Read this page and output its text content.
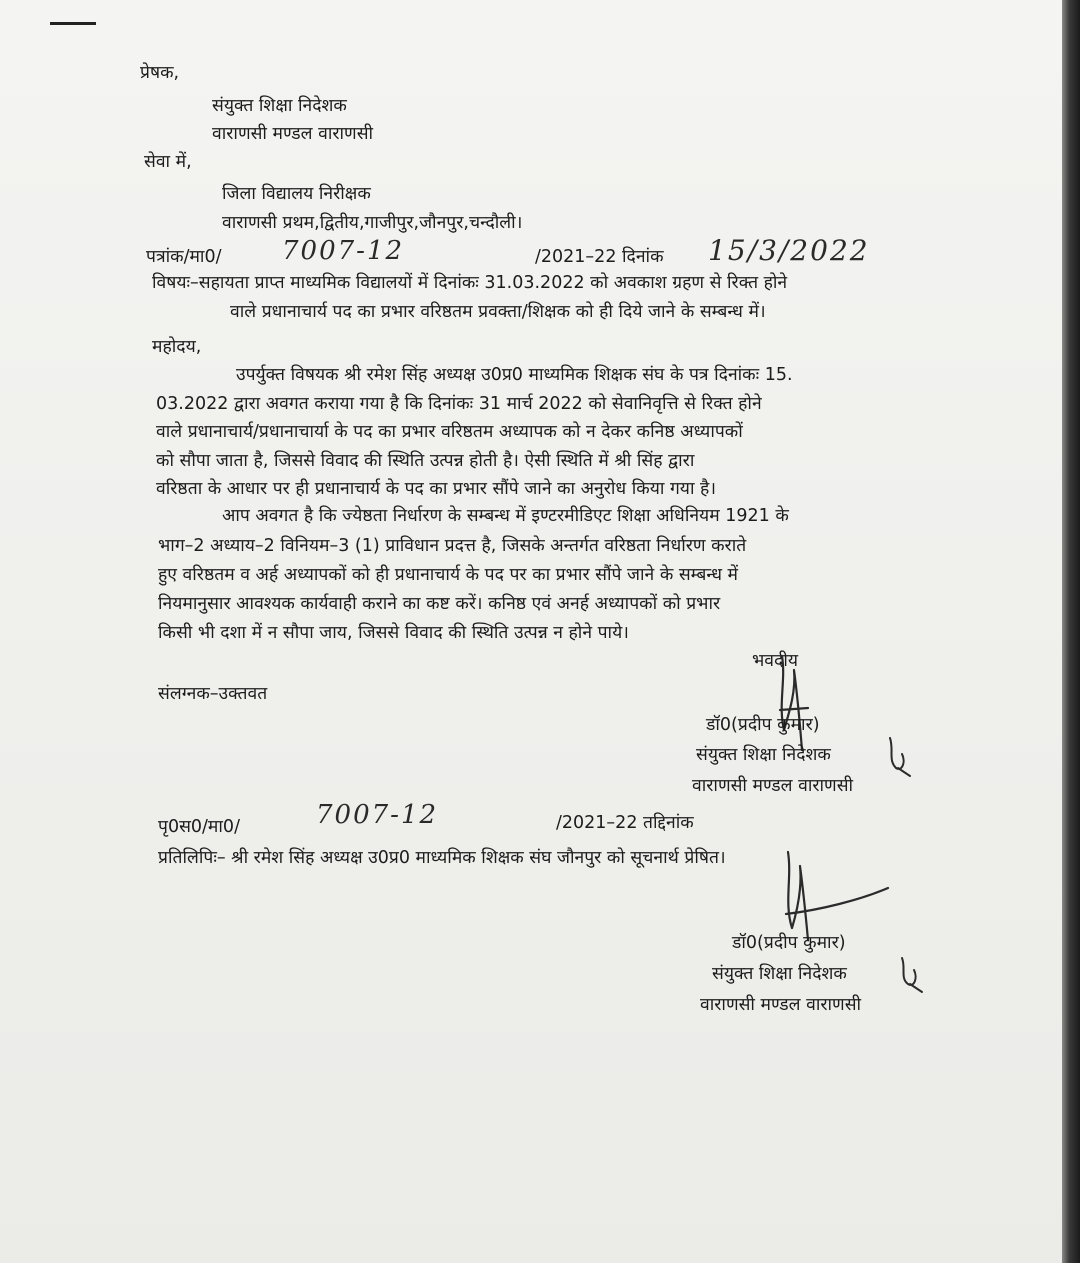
प्रेषक,
संयुक्त शिक्षा निदेशक
वाराणसी मण्डल वाराणसी
सेवा में,
जिला विद्यालय निरीक्षक
वाराणसी प्रथम,द्वितीय,गाजीपुर,जौनपुर,चन्दौली।
पत्रांक/मा0/ 7007-12	/2021–22 दिनांक 15/3/2022
विषयः–सहायता प्राप्त माध्यमिक विद्यालयों में दिनांकः 31.03.2022 को अवकाश ग्रहण से रिक्त होने
वाले प्रधानाचार्य पद का प्रभार वरिष्ठतम प्रवक्ता/शिक्षक को ही दिये जाने के सम्बन्ध में।
महोदय,
उपर्युक्त विषयक श्री रमेश सिंह अध्यक्ष उ0प्र0 माध्यमिक शिक्षक संघ के पत्र दिनांकः 15.
03.2022 द्वारा अवगत कराया गया है कि दिनांकः 31 मार्च 2022 को सेवानिवृत्ति से रिक्त होने
वाले प्रधानाचार्य/प्रधानाचार्या के पद का प्रभार वरिष्ठतम अध्यापक को न देकर कनिष्ठ अध्यापकों
को सौपा जाता है, जिससे विवाद की स्थिति उत्पन्न होती है। ऐसी स्थिति में श्री सिंह द्वारा
वरिष्ठता के आधार पर ही प्रधानाचार्य के पद का प्रभार सौंपे जाने का अनुरोध किया गया है।
आप अवगत है कि ज्येष्ठता निर्धारण के सम्बन्ध में इण्टरमीडिएट शिक्षा अधिनियम 1921 के
भाग–2 अध्याय–2 विनियम–3 (1) प्राविधान प्रदत्त है, जिसके अन्तर्गत वरिष्ठता निर्धारण कराते
हुए वरिष्ठतम व अर्ह अध्यापकों को ही प्रधानाचार्य के पद पर का प्रभार सौंपे जाने के सम्बन्ध में
नियमानुसार आवश्यक कार्यवाही कराने का कष्ट करें। कनिष्ठ एवं अनर्ह अध्यापकों को प्रभार
किसी भी दशा में न सौपा जाय, जिससे विवाद की स्थिति उत्पन्न न होने पाये।
भवदीय
संलग्नक–उक्तवत
डॉ0(प्रदीप कुमार)
संयुक्त शिक्षा निदेशक
वाराणसी मण्डल वाराणसी
पृ0स0/मा0/	7007-12	/2021–22 तद्दिनांक
प्रतिलिपिः– श्री रमेश सिंह अध्यक्ष उ0प्र0 माध्यमिक शिक्षक संघ जौनपुर को सूचनार्थ प्रेषित।
डॉ0(प्रदीप कुमार)
संयुक्त शिक्षा निदेशक
वाराणसी मण्डल वाराणसी
